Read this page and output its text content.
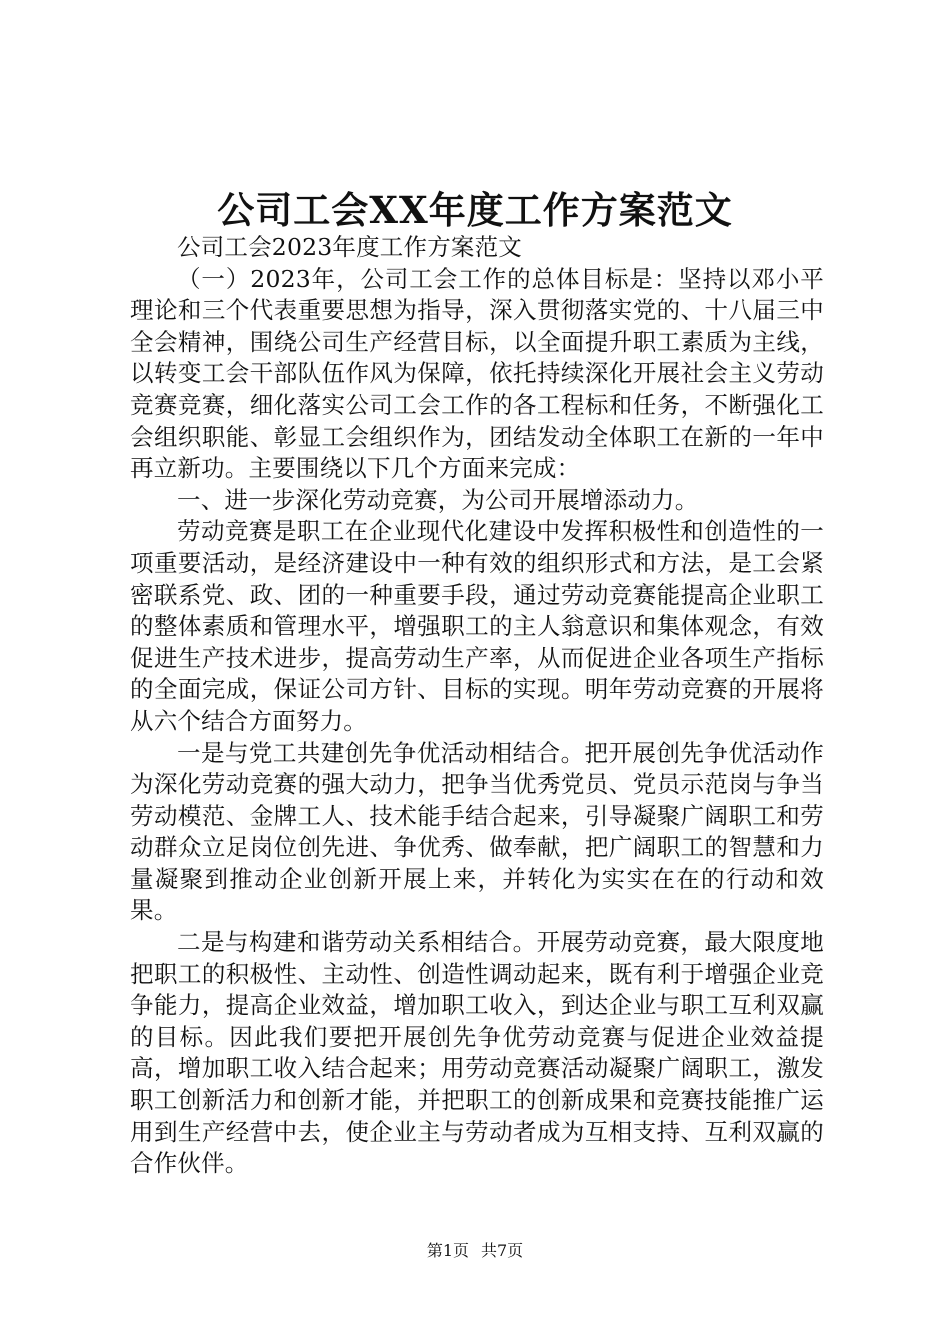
公司工会XX年度工作方案范文

公司工会2023年度工作方案范文

（一）2023年，公司工会工作的总体目标是：坚持以邓小平理论和三个代表重要思想为指导，深入贯彻落实党的、十八届三中全会精神，围绕公司生产经营目标，以全面提升职工素质为主线，以转变工会干部队伍作风为保障，依托持续深化开展社会主义劳动竞赛竞赛，细化落实公司工会工作的各工程标和任务，不断强化工会组织职能、彰显工会组织作为，团结发动全体职工在新的一年中再立新功。主要围绕以下几个方面来完成：

一、进一步深化劳动竞赛，为公司开展增添动力。

劳动竞赛是职工在企业现代化建设中发挥积极性和创造性的一项重要活动，是经济建设中一种有效的组织形式和方法，是工会紧密联系党、政、团的一种重要手段，通过劳动竞赛能提高企业职工的整体素质和管理水平，增强职工的主人翁意识和集体观念，有效促进生产技术进步，提高劳动生产率，从而促进企业各项生产指标的全面完成，保证公司方针、目标的实现。明年劳动竞赛的开展将从六个结合方面努力。

一是与党工共建创先争优活动相结合。把开展创先争优活动作为深化劳动竞赛的强大动力，把争当优秀党员、党员示范岗与争当劳动模范、金牌工人、技术能手结合起来，引导凝聚广阔职工和劳动群众立足岗位创先进、争优秀、做奉献，把广阔职工的智慧和力量凝聚到推动企业创新开展上来，并转化为实实在在的行动和效果。

二是与构建和谐劳动关系相结合。开展劳动竞赛，最大限度地把职工的积极性、主动性、创造性调动起来，既有利于增强企业竞争能力，提高企业效益，增加职工收入，到达企业与职工互利双赢的目标。因此我们要把开展创先争优劳动竞赛与促进企业效益提高，增加职工收入结合起来；用劳动竞赛活动凝聚广阔职工，激发职工创新活力和创新才能，并把职工的创新成果和竞赛技能推广运用到生产经营中去，使企业主与劳动者成为互相支持、互利双赢的合作伙伴。

第1页 共7页
